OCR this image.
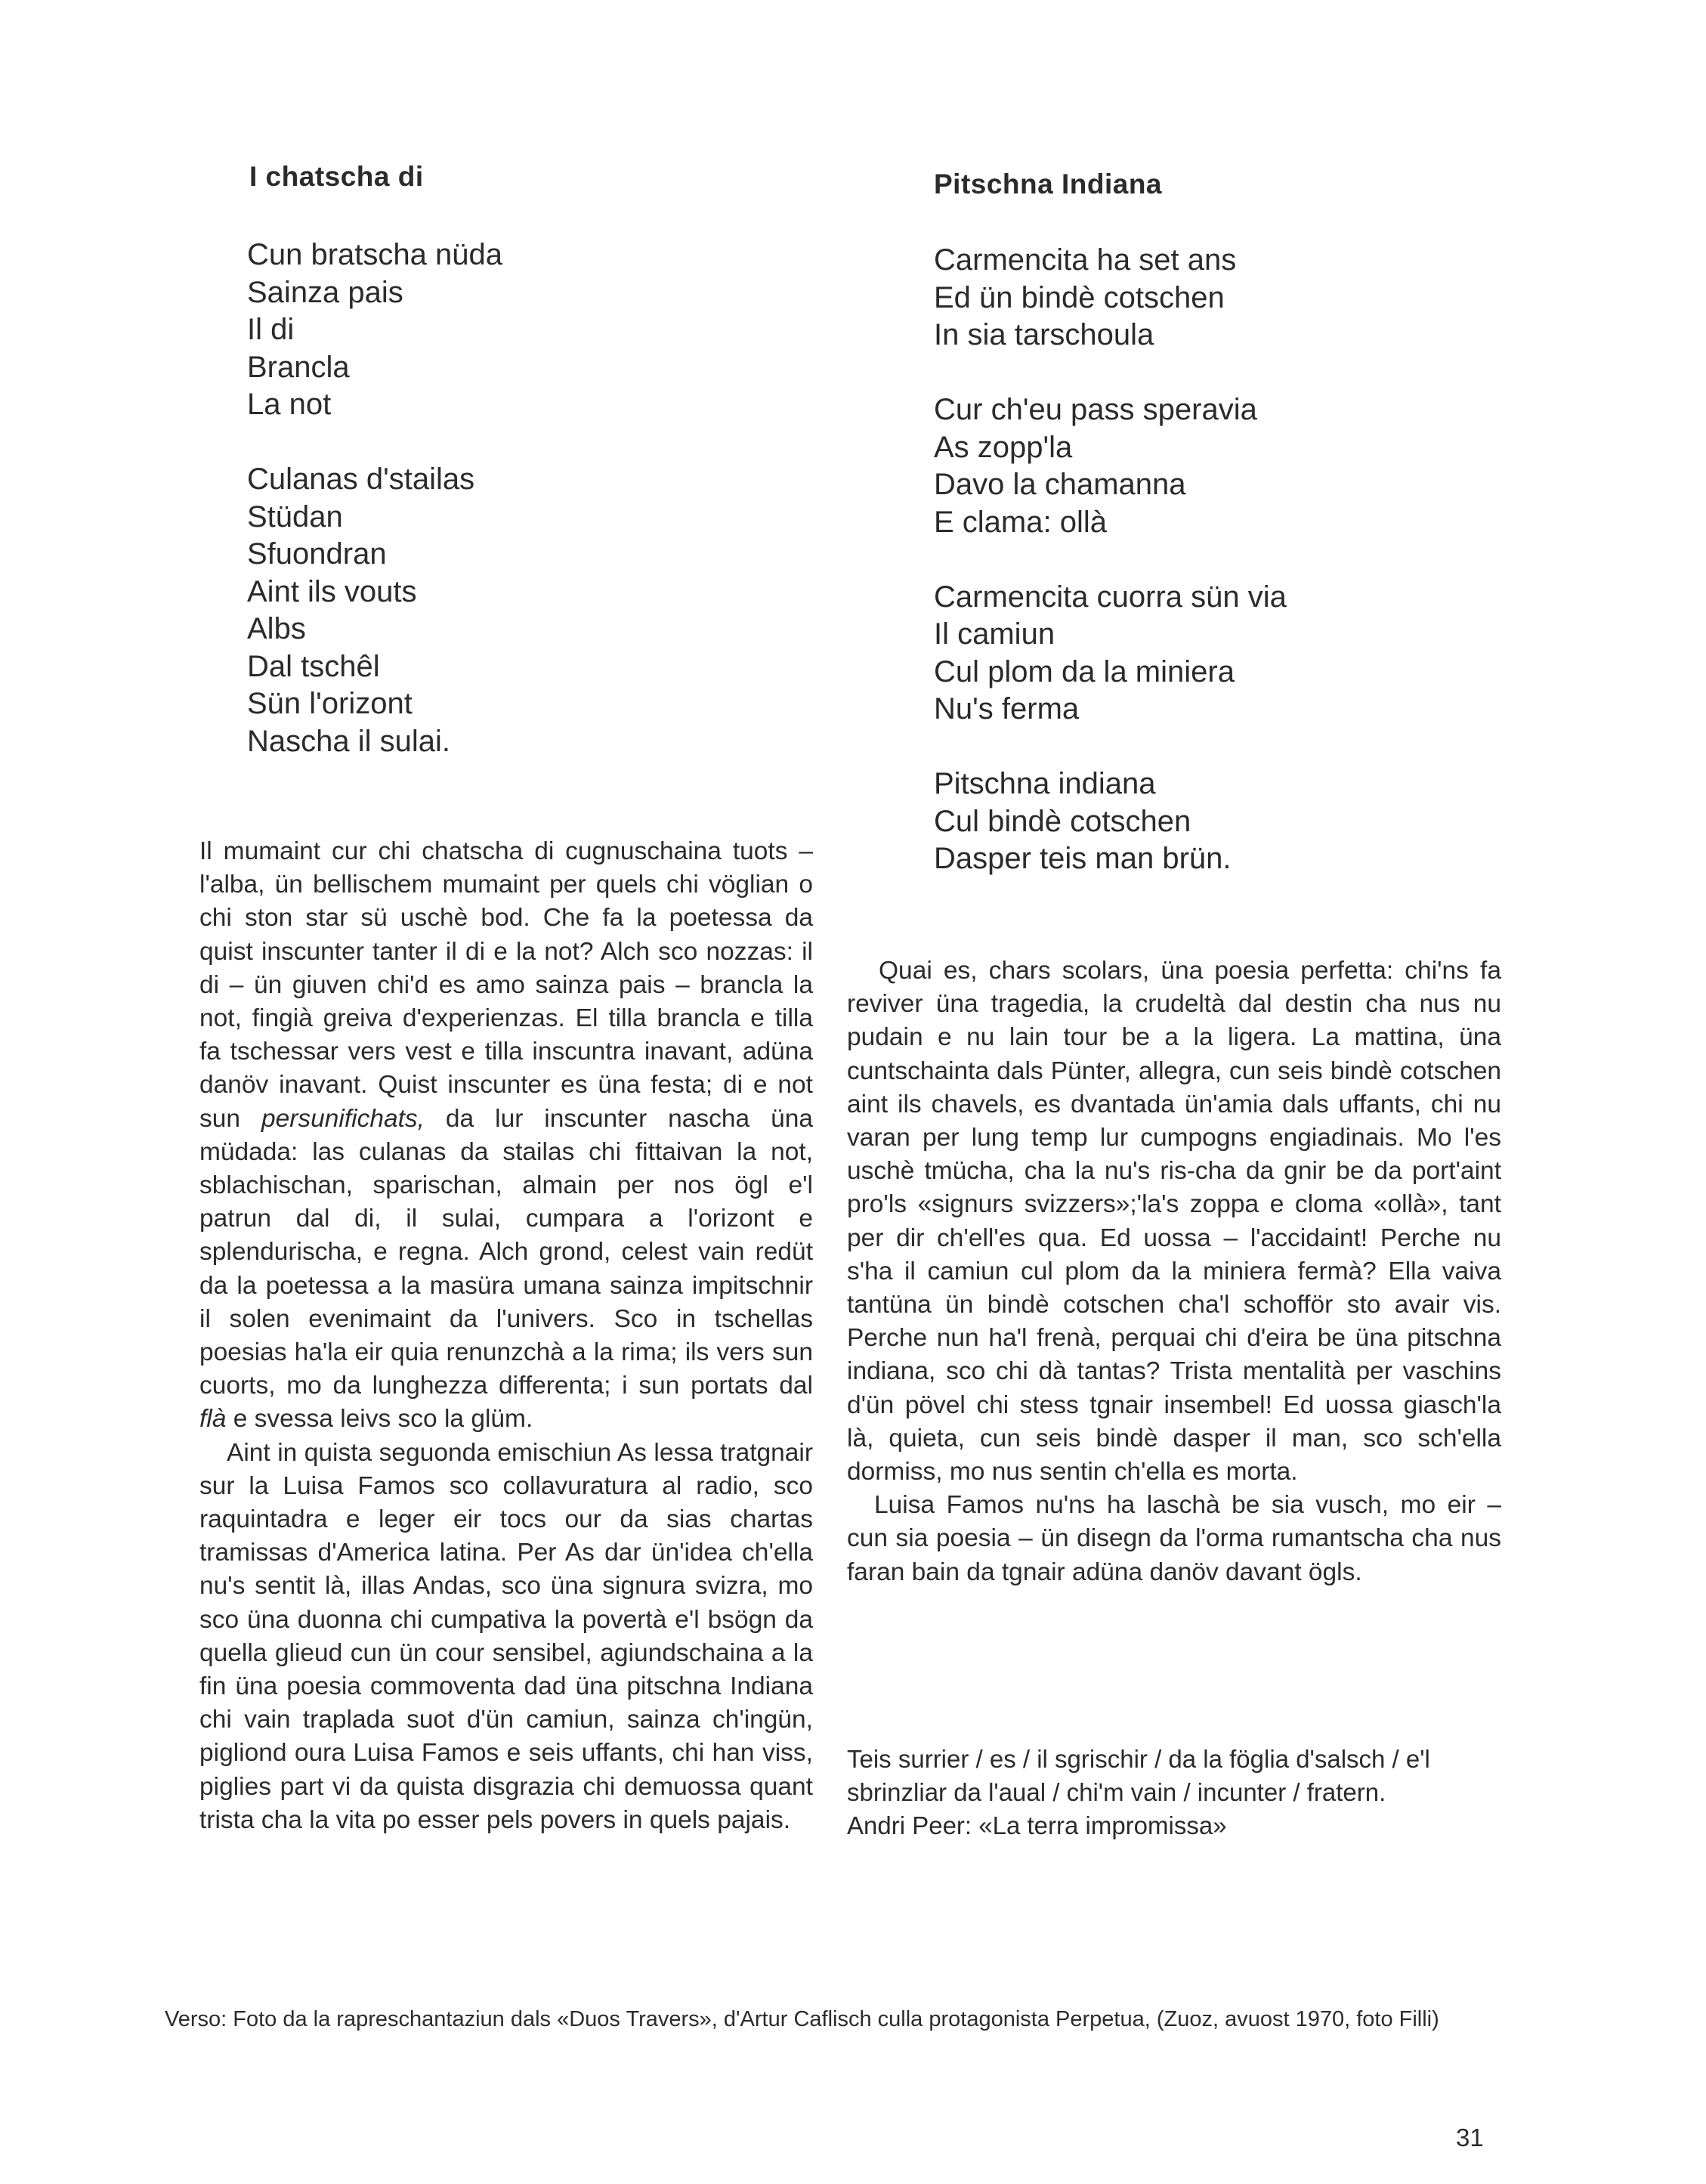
I chatscha di
Cun bratscha nüda
Sainza pais
Il di
Brancla
La not
Culanas d'stailas
Stüdan
Sfuondran
Aint ils vouts
Albs
Dal tschêl
Sün l'orizont
Nascha il sulai.

Il mumaint cur chi chatscha di cugnuschaina tuots – l'alba, ün bellischem mumaint per quels chi vöglian o chi ston star sü uschè bod. Che fa la poetessa da quist inscunter tanter il di e la not? Alch sco nozzas: il di – ün giuven chi'd es amo sainza pais – brancla la not, fingià greiva d'experienzas. El tilla brancla e tilla fa tschessar vers vest e tilla inscuntra inavant, adüna danöv inavant. Quist inscunter es üna festa; di e not sun persunifichats, da lur inscunter nascha üna müdada: las culanas da stailas chi fittaivan la not, sblachischan, sparischan, almain per nos ögl e'l patrun dal di, il sulai, cumpara a l'orizont e splendurischa, e regna. Alch grond, celest vain redüt da la poetessa a la masüra umana sainza impitschnir il solen evenimaint da l'univers. Sco in tschellas poesias ha'la eir quia renunzchà a la rima; ils vers sun cuorts, mo da lunghezza differenta; i sun portats dal flà e svessa leivs sco la glüm.

Aint in quista seguonda emischiun As lessa tratgnair sur la Luisa Famos sco collavuratura al radio, sco raquintadra e leger eir tocs our da sias chartas tramissas d'America latina. Per As dar ün'idea ch'ella nu's sentit là, illas Andas, sco üna signura svizra, mo sco üna duonna chi cumpativa la povertà e'l bsögn da quella glieud cun ün cour sensibel, agiundschaina a la fin üna poesia commoventa dad üna pitschna Indiana chi vain traplada suot d'ün camiun, sainza ch'ingün, pigliond oura Luisa Famos e seis uffants, chi han viss, piglies part vi da quista disgrazia chi demuossa quant trista cha la vita po esser pels povers in quels pajais.

Pitschna Indiana
Carmencita ha set ans
Ed ün bindè cotschen
In sia tarschoula
Cur ch'eu pass speravia
As zopp'la
Davo la chamanna
E clama: ollà
Carmencita cuorra sün via
Il camiun
Cul plom da la miniera
Nu's ferma
Pitschna indiana
Cul bindè cotschen
Dasper teis man brün.

Quai es, chars scolars, üna poesia perfetta: chi'ns fa reviver üna tragedia, la crudeltà dal destin cha nus nu pudain e nu lain tour be a la ligera. La mattina, üna cuntschainta dals Pünter, allegra, cun seis bindè cotschen aint ils chavels, es dvantada ün'amia dals uffants, chi nu varan per lung temp lur cumpogns engiadinais. Mo l'es uschè tmücha, cha la nu's ris-cha da gnir be da port'aint pro'ls «signurs svizzers»;'la's zoppa e cloma «ollà», tant per dir ch'ell'es qua. Ed uossa – l'accidaint! Perche nu s'ha il camiun cul plom da la miniera fermà? Ella vaiva tantüna ün bindè cotschen cha'l schofför sto avair vis. Perche nun ha'l frenà, perquai chi d'eira be üna pitschna indiana, sco chi dà tantas? Trista mentalità per vaschins d'ün pövel chi stess tgnair insembel! Ed uossa giasch'la là, quieta, cun seis bindè dasper il man, sco sch'ella dormiss, mo nus sentin ch'ella es morta.

Luisa Famos nu'ns ha laschà be sia vusch, mo eir – cun sia poesia – ün disegn da l'orma rumantscha cha nus faran bain da tgnair adüna danöv davant ögls.

Teis surrier / es / il sgrischir / da la föglia d'salsch / e'l sbrinzliar da l'aual / chi'm vain / incunter / fratern.

Andri Peer: «La terra impromissa»

Verso: Foto da la rapreschantaziun dals «Duos Travers», d'Artur Caflisch culla protagonista Perpetua, (Zuoz, avuost 1970, foto Filli)

31
